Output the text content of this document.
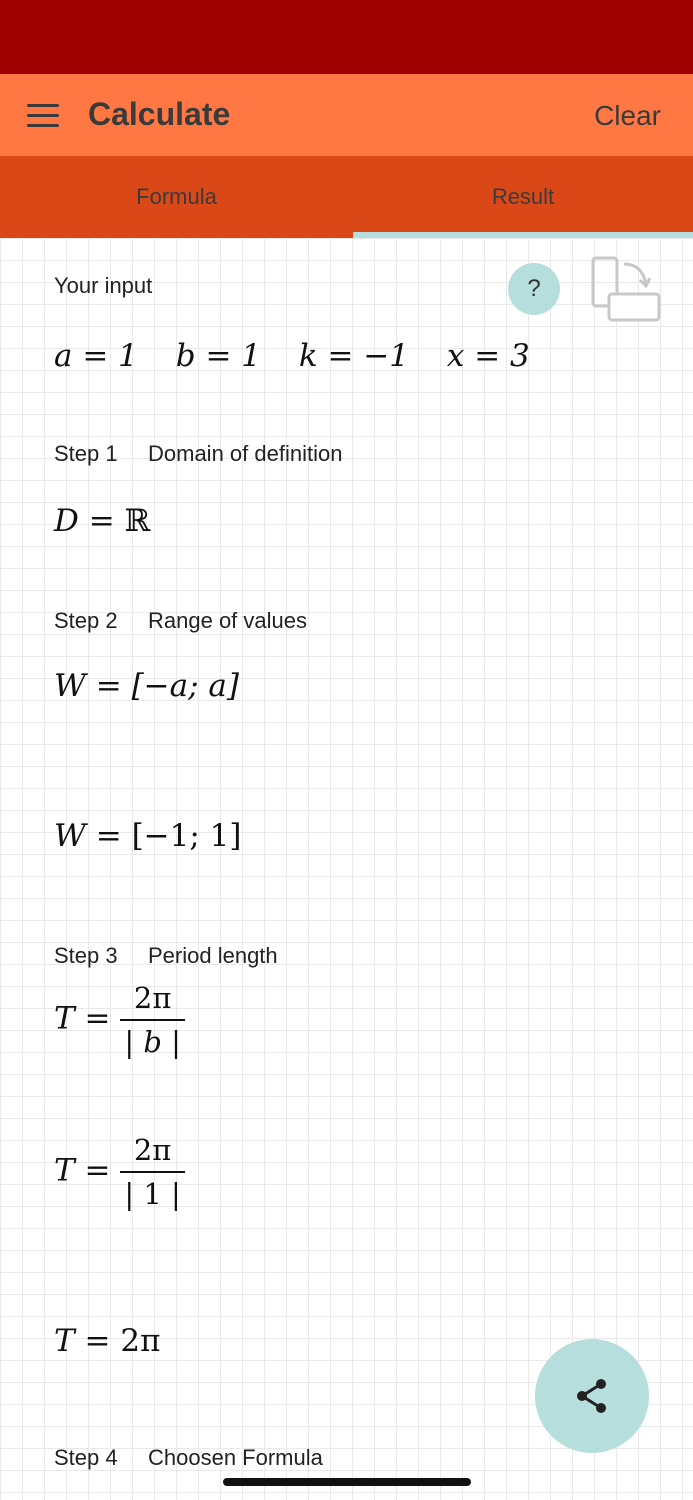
Calculate	Clear
Formula	Result
Your input	?
a = 1 b = 1 k = −1 x = 3
Step 1 Domain of definition
D = ℝ
Step 2 Range of values
W = [−a; a]
W = [−1; 1]
Step 3 Period length
$T = \frac{2\pi}{| b |}$
$T = \frac{2\pi}{| 1 |}$
T = 2π
Step 4 Choosen Formula
